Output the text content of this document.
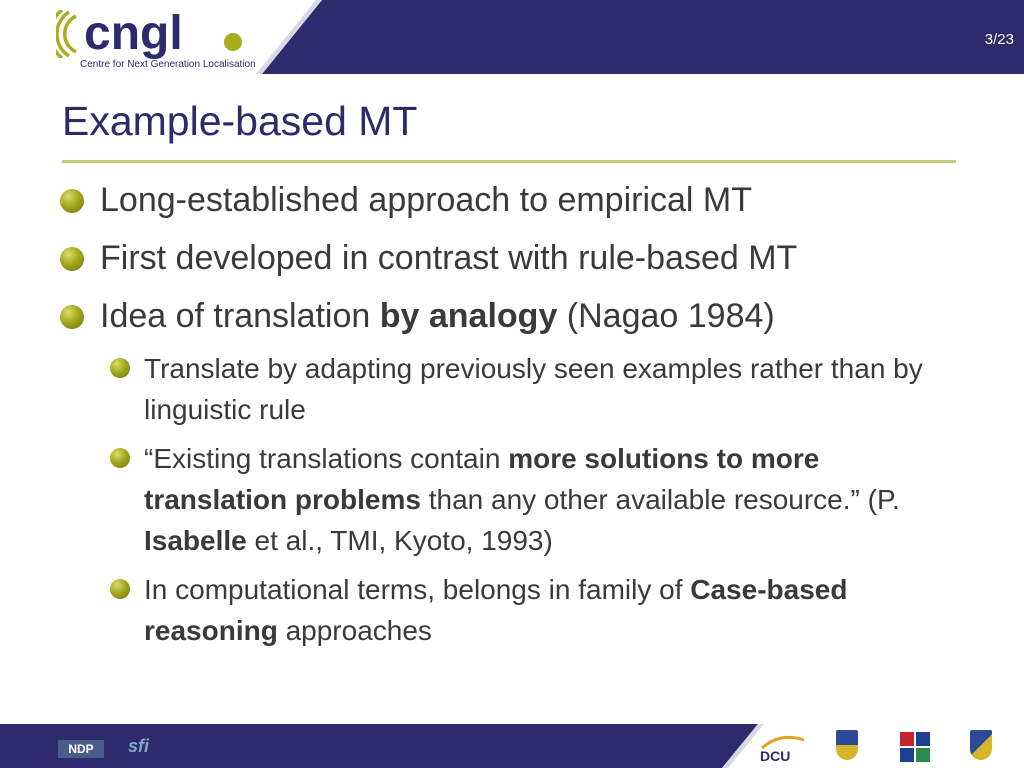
cngl
Centre for Next Generation Localisation
3/23
Example-based MT
Long-established approach to empirical MT
First developed in contrast with rule-based MT
Idea of translation by analogy (Nagao 1984)
Translate by adapting previously seen examples rather than by linguistic rule
“Existing translations contain more solutions to more translation problems than any other available resource.” (P. Isabelle et al., TMI, Kyoto, 1993)
In computational terms, belongs in family of Case-based reasoning approaches
NDP	sfi	DCU
